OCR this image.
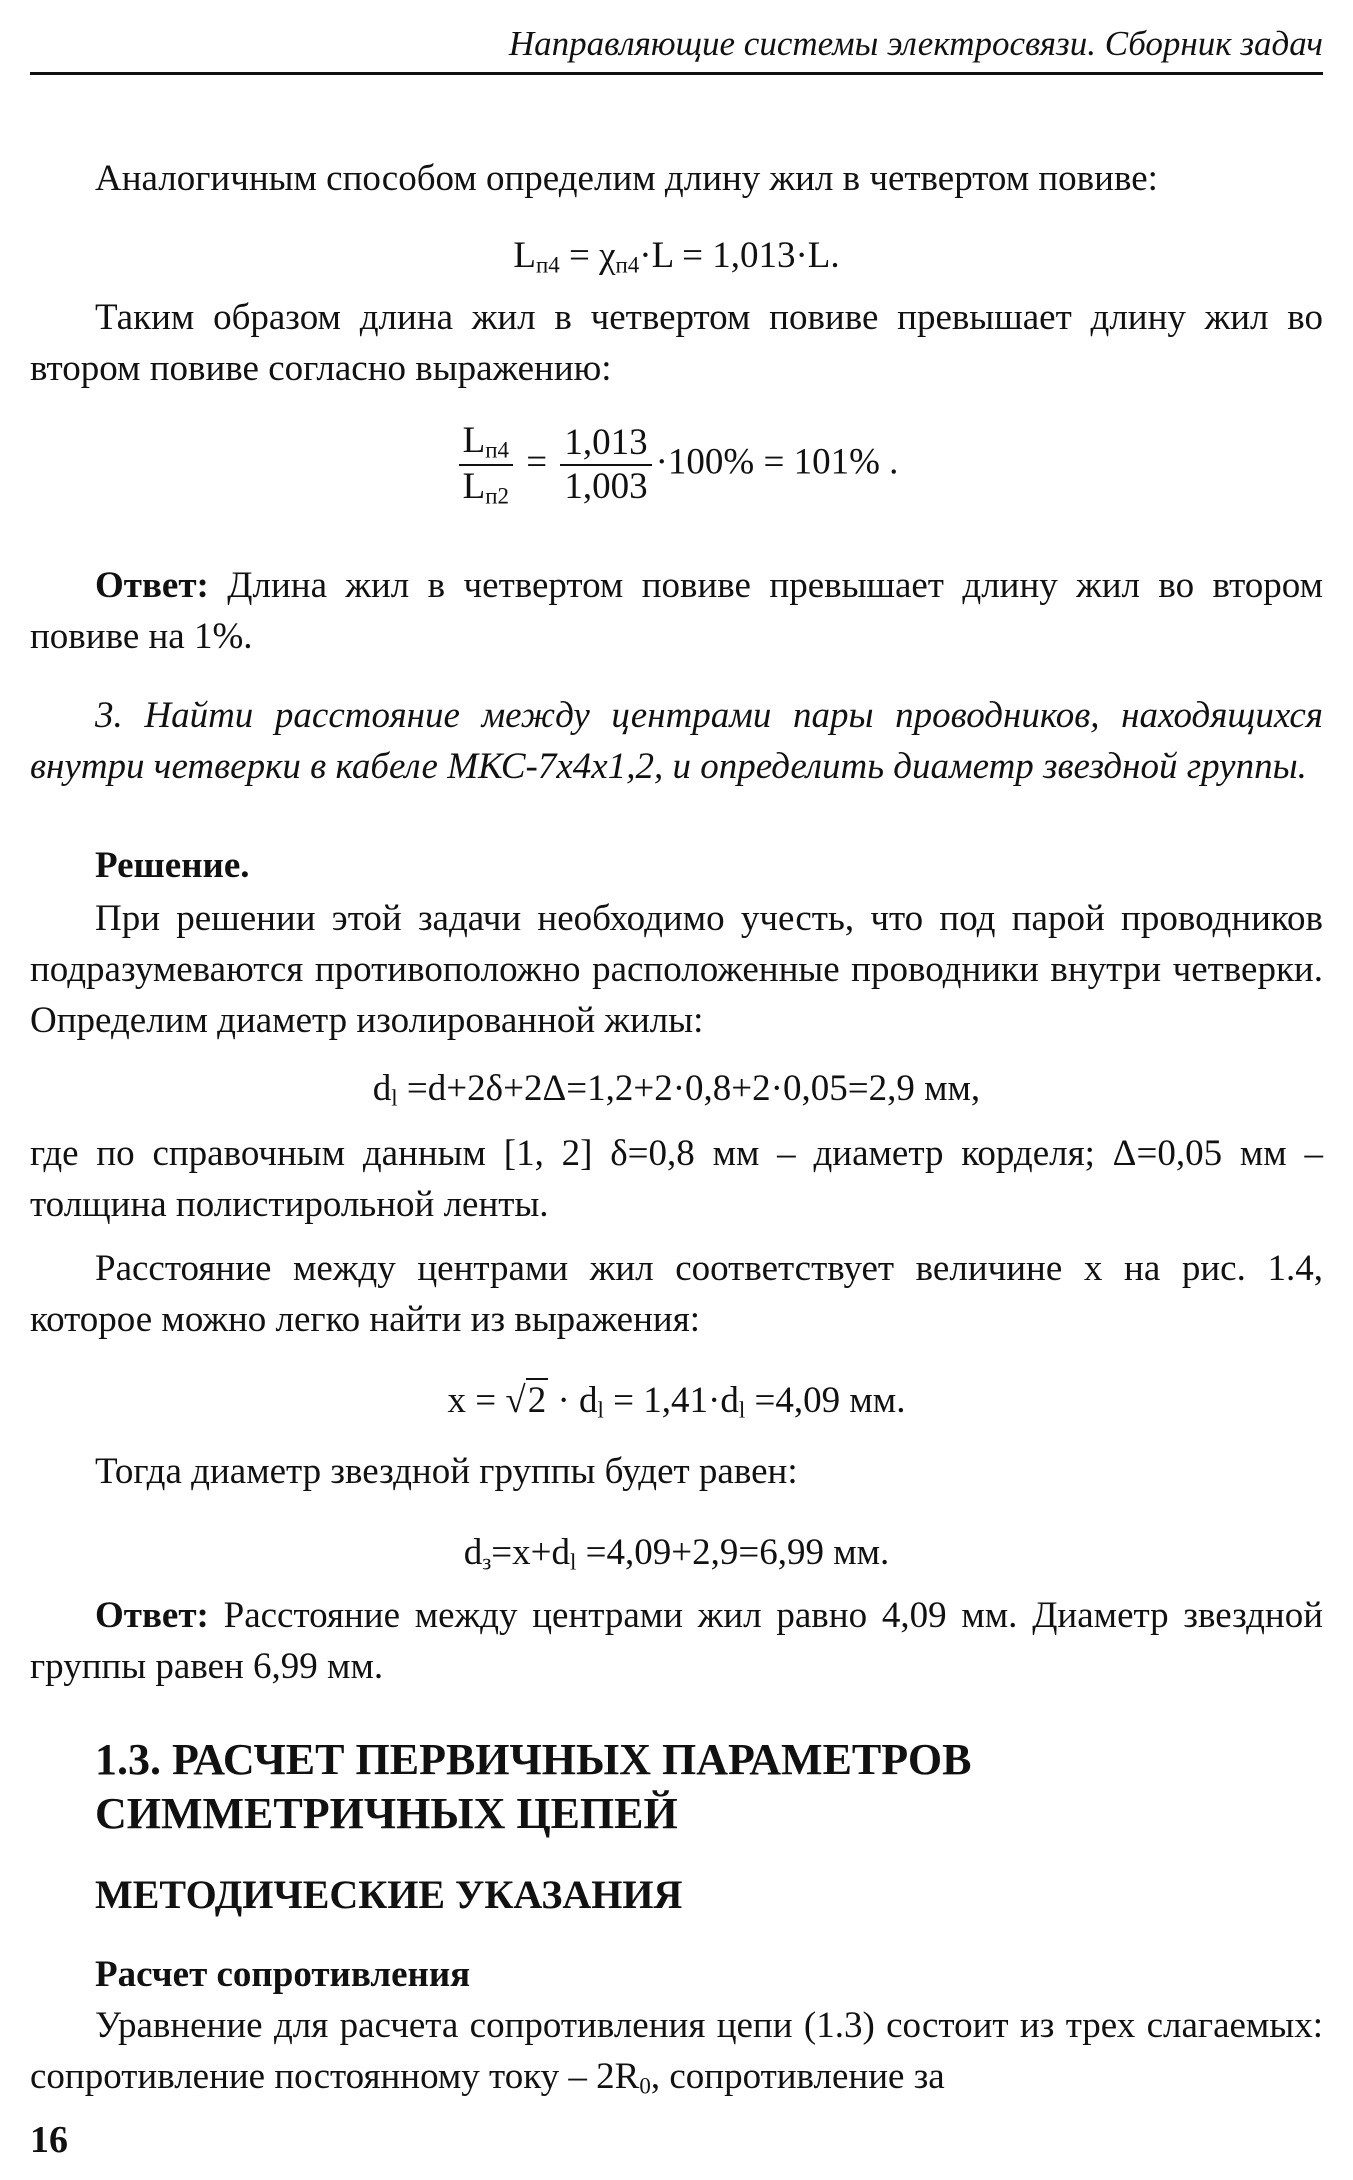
Направляющие системы электросвязи. Сборник задач
Аналогичным способом определим длину жил в четвертом повиве:
$L_{п4} = \chi_{п4}\cdot L = 1,013\cdot L$.
Таким образом длина жил в четвертом повиве превышает длину жил во втором повиве согласно выражению:
$\frac{L_{п4}}{L_{п2}} = \frac{1,013}{1,003} \cdot 100\% = 101\%$ .
Ответ: Длина жил в четвертом повиве превышает длину жил во втором повиве на 1%.
3. Найти расстояние между центрами пары проводников, находящихся внутри четверки в кабеле МКС-7х4х1,2, и определить диаметр звездной группы.
Решение.
При решении этой задачи необходимо учесть, что под парой проводников подразумеваются противоположно расположенные проводники внутри четверки. Определим диаметр изолированной жилы:
$d_l =d+2\delta+2\Delta=1,2+2\cdot 0,8+2\cdot 0,05=2,9$ мм,
где по справочным данным [1, 2] δ=0,8 мм – диаметр корделя; Δ=0,05 мм – толщина полистирольной ленты.
Расстояние между центрами жил соответствует величине х на рис. 1.4, которое можно легко найти из выражения:
$x = √2 \cdot d_l = 1,41\cdot d_l =4,09$ мм.
Тогда диаметр звездной группы будет равен:
$d_з=x+d_l =4,09+2,9=6,99$ мм.
Ответ: Расстояние между центрами жил равно 4,09 мм. Диаметр звездной группы равен 6,99 мм.
1.3. РАСЧЕТ ПЕРВИЧНЫХ ПАРАМЕТРОВ
СИММЕТРИЧНЫХ ЦЕПЕЙ
МЕТОДИЧЕСКИЕ УКАЗАНИЯ
Расчет сопротивления
Уравнение для расчета сопротивления цепи (1.3) состоит из трех слагаемых: сопротивление постоянному току – $2R_0$, сопротивление за
16
